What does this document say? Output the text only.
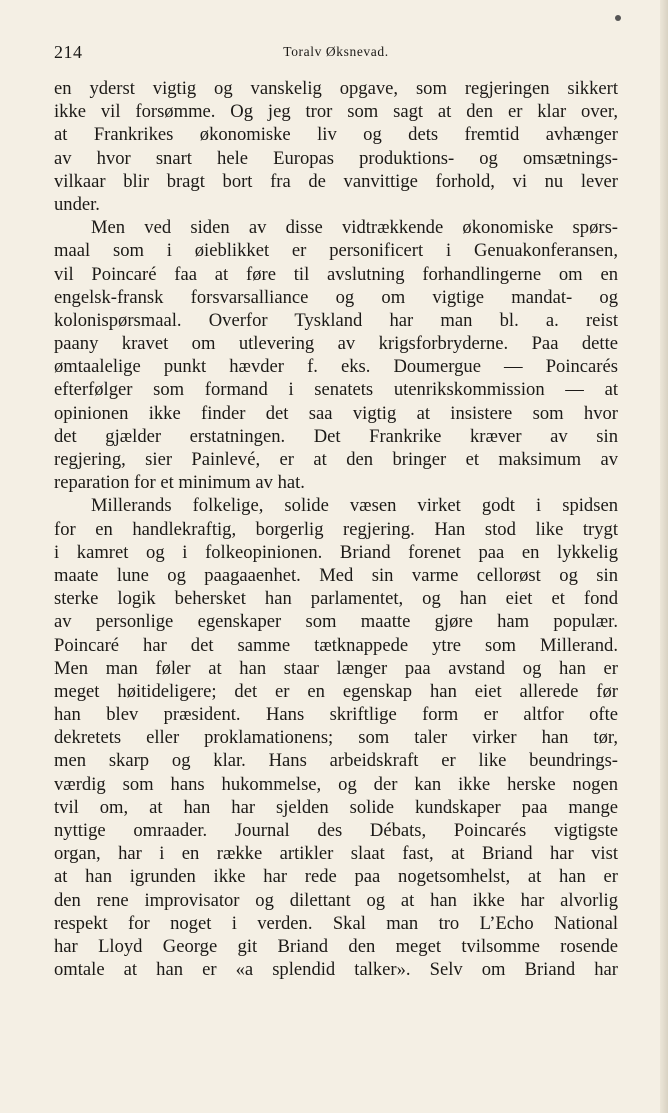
214	Toralv Øksnevad.
en yderst vigtig og vanskelig opgave, som regjeringen sikkert
ikke vil forsømme. Og jeg tror som sagt at den er klar over,
at Frankrikes økonomiske liv og dets fremtid avhænger
av hvor snart hele Europas produktions- og omsætnings-
vilkaar blir bragt bort fra de vanvittige forhold, vi nu lever
under.
Men ved siden av disse vidtrækkende økonomiske spørs-
maal som i øieblikket er personificert i Genuakonferansen,
vil Poincaré faa at føre til avslutning forhandlingerne om en
engelsk-fransk forsvarsalliance og om vigtige mandat- og
kolonispørsmaal. Overfor Tyskland har man bl. a. reist
paany kravet om utlevering av krigsforbryderne. Paa dette
ømtaalelige punkt hævder f. eks. Doumergue — Poincarés
efterfølger som formand i senatets utenrikskommission — at
opinionen ikke finder det saa vigtig at insistere som hvor
det gjælder erstatningen. Det Frankrike kræver av sin
regjering, sier Painlevé, er at den bringer et maksimum av
reparation for et minimum av hat.
Millerands folkelige, solide væsen virket godt i spidsen
for en handlekraftig, borgerlig regjering. Han stod like trygt
i kamret og i folkeopinionen. Briand forenet paa en lykkelig
maate lune og paagaaenhet. Med sin varme cellorøst og sin
sterke logik behersket han parlamentet, og han eiet et fond
av personlige egenskaper som maatte gjøre ham populær.
Poincaré har det samme tætknappede ytre som Millerand.
Men man føler at han staar længer paa avstand og han er
meget høitideligere; det er en egenskap han eiet allerede før
han blev præsident. Hans skriftlige form er altfor ofte
dekretets eller proklamationens; som taler virker han tør,
men skarp og klar. Hans arbeidskraft er like beundrings-
værdig som hans hukommelse, og der kan ikke herske nogen
tvil om, at han har sjelden solide kundskaper paa mange
nyttige omraader. Journal des Débats, Poincarés vigtigste
organ, har i en række artikler slaat fast, at Briand har vist
at han igrunden ikke har rede paa nogetsomhelst, at han er
den rene improvisator og dilettant og at han ikke har alvorlig
respekt for noget i verden. Skal man tro L’Echo National
har Lloyd George git Briand den meget tvilsomme rosende
omtale at han er «a splendid talker». Selv om Briand har
